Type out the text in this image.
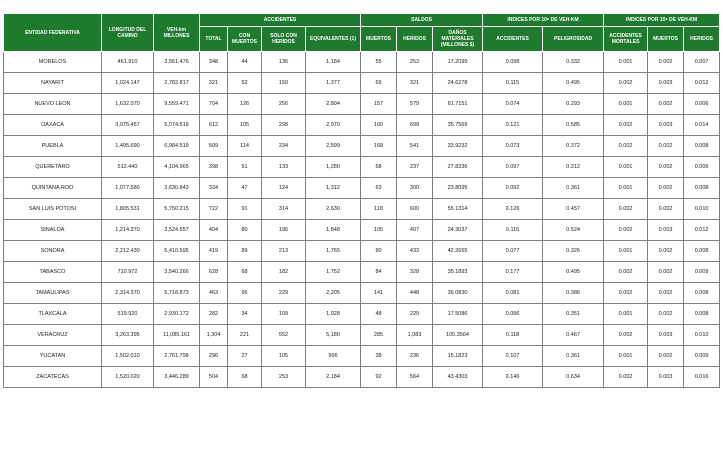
ENTIDAD FEDERATIVA	LONGITUD DEL CAMINO	VEH-km MILLONES	ACCIDENTES				SALDOS			INDICES POR 10⁸ DE VEH-KM		INDICES POR 10⁸ DE VEH-KM		
			TOTAL	CON MUERTOS	SOLO CON HERIDOS	EQUIVALENTES (1)	MUERTOS	HERIDOS	DAÑOS MATERIALES (MILLONES $)	ACCIDENTES	PELIGROSIDAD	ACCIDENTES MORTALES	MUERTOS	HERIDOS
MORELOS	461.910	3,561.476	348	44	136	1,184	55	253	17.2099	0.098	0.332	0.001	0.002	0.007
NAYARIT	1,024.147	2,782.817	321	52	150	1,377	69	321	24.6278	0.115	0.495	0.002	0.003	0.012
NUEVO LEON	1,632.070	9,559.471	704	126	256	2,804	157	579	61.7151	0.074	0.293	0.001	0.002	0.006
OAXACA	3,075.457	5,074.519	612	105	298	2,970	160	699	35.7569	0.121	0.585	0.002	0.003	0.014
PUEBLA	1,495.690	6,984.519	509	114	234	2,599	168	541	33.9232	0.073	0.372	0.002	0.002	0.008
QUERETARO	512.440	4,104.965	398	51	133	1,280	68	237	27.8336	0.097	0.312	0.001	0.002	0.006
QUINTANA ROO	1,077.580	3,630.843	334	47	124	1,312	63	300	23.8095	0.092	0.361	0.001	0.002	0.008
SAN LUIS POTOSI	1,805.531	5,750.215	722	91	314	2,630	118	600	55.1314	0.126	0.457	0.002	0.002	0.010
SINALOA	1,214.370	3,524.557	404	80	196	1,848	105	407	24.3037	0.115	0.524	0.002	0.003	0.012
SONORA	2,212.430	5,410.595	419	89	213	1,765	80	433	42.2655	0.077	0.326	0.001	0.002	0.008
TABASCO	710.972	3,540.266	628	68	182	1,752	84	328	35.1893	0.177	0.495	0.002	0.002	0.009
TAMAULIPAS	2,314.370	5,718.873	463	96	229	2,205	141	448	36.0830	0.081	0.386	0.002	0.002	0.008
TLAXCALA	519.920	2,930.172	282	34	109	1,028	48	229	17.5086	0.096	0.351	0.001	0.002	0.008
VERACRUZ	3,263.395	11,085.161	1,304	221	552	5,180	285	1,083	105.3564	0.118	0.467	0.002	0.003	0.010
YUCATAN	1,502.010	2,761.798	296	27	105	966	38	236	15.1823	0.107	0.361	0.001	0.002	0.009
ZACATECAS	1,520.020	3,446.289	504	68	253	2,184	92	564	43.4303	0.146	0.634	0.002	0.003	0.016
